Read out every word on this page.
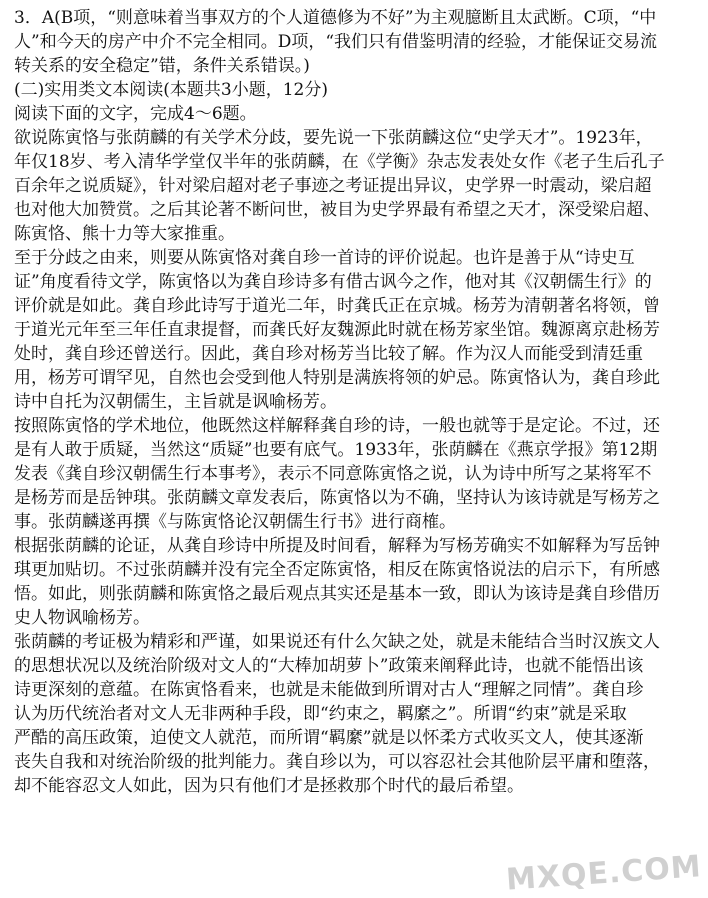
3．A(B项，“则意味着当事双方的个人道德修为不好”为主观臆断且太武断。C项，“中
人”和今天的房产中介不完全相同。D项，“我们只有借鉴明清的经验，才能保证交易流
转关系的安全稳定”错，条件关系错误。)
(二)实用类文本阅读(本题共3小题，12分)
阅读下面的文字，完成4～6题。
欲说陈寅恪与张荫麟的有关学术分歧，要先说一下张荫麟这位“史学天才”。1923年，
年仅18岁、考入清华学堂仅半年的张荫麟，在《学衡》杂志发表处女作《老子生后孔子
百余年之说质疑》，针对梁启超对老子事迹之考证提出异议，史学界一时震动，梁启超
也对他大加赞赏。之后其论著不断问世，被目为史学界最有希望之天才，深受梁启超、
陈寅恪、熊十力等大家推重。
至于分歧之由来，则要从陈寅恪对龚自珍一首诗的评价说起。也许是善于从“诗史互
证”角度看待文学，陈寅恪以为龚自珍诗多有借古讽今之作，他对其《汉朝儒生行》的
评价就是如此。龚自珍此诗写于道光二年，时龚氏正在京城。杨芳为清朝著名将领，曾
于道光元年至三年任直隶提督，而龚氏好友魏源此时就在杨芳家坐馆。魏源离京赴杨芳
处时，龚自珍还曾送行。因此，龚自珍对杨芳当比较了解。作为汉人而能受到清廷重
用，杨芳可谓罕见，自然也会受到他人特别是满族将领的妒忌。陈寅恪认为，龚自珍此
诗中自托为汉朝儒生，主旨就是讽喻杨芳。
按照陈寅恪的学术地位，他既然这样解释龚自珍的诗，一般也就等于是定论。不过，还
是有人敢于质疑，当然这“质疑”也要有底气。1933年，张荫麟在《燕京学报》第12期
发表《龚自珍汉朝儒生行本事考》，表示不同意陈寅恪之说，认为诗中所写之某将军不
是杨芳而是岳钟琪。张荫麟文章发表后，陈寅恪以为不确，坚持认为该诗就是写杨芳之
事。张荫麟遂再撰《与陈寅恪论汉朝儒生行书》进行商榷。
根据张荫麟的论证，从龚自珍诗中所提及时间看，解释为写杨芳确实不如解释为写岳钟
琪更加贴切。不过张荫麟并没有完全否定陈寅恪，相反在陈寅恪说法的启示下，有所感
悟。如此，则张荫麟和陈寅恪之最后观点其实还是基本一致，即认为该诗是龚自珍借历
史人物讽喻杨芳。
张荫麟的考证极为精彩和严谨，如果说还有什么欠缺之处，就是未能结合当时汉族文人
的思想状况以及统治阶级对文人的“大棒加胡萝卜”政策来阐释此诗，也就不能悟出该
诗更深刻的意蕴。在陈寅恪看来，也就是未能做到所谓对古人“理解之同情”。龚自珍
认为历代统治者对文人无非两种手段，即“约束之，羁縻之”。所谓“约束”就是采取
严酷的高压政策，迫使文人就范，而所谓“羁縻”就是以怀柔方式收买文人，使其逐渐
丧失自我和对统治阶级的批判能力。龚自珍以为，可以容忍社会其他阶层平庸和堕落，
却不能容忍文人如此，因为只有他们才是拯救那个时代的最后希望。
MXQE.COM
